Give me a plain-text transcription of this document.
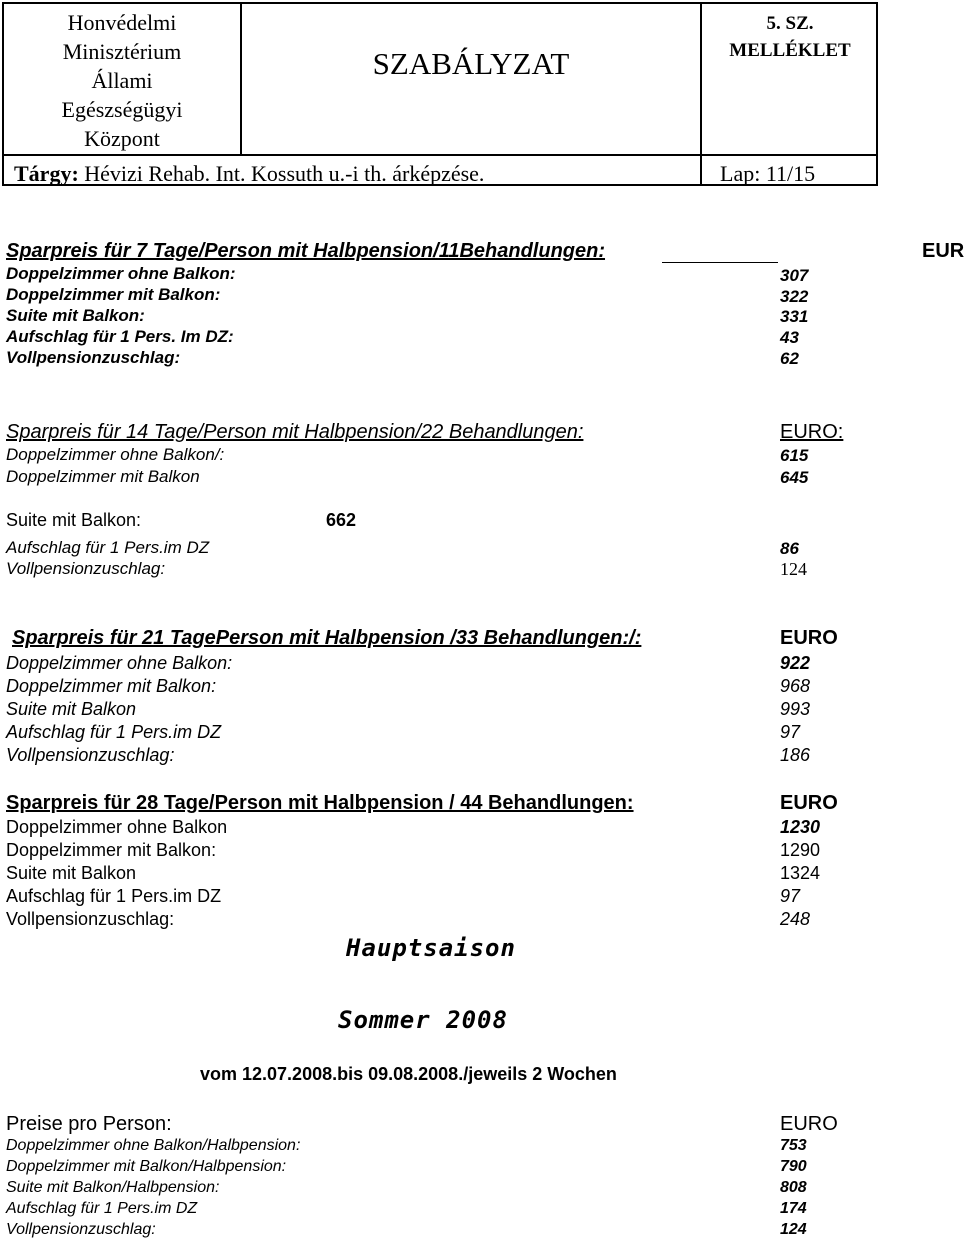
Honvédelmi
Minisztérium
Állami
Egészségügyi
Központ
SZABÁLYZAT
5. SZ.
MELLÉKLET
Tárgy: Hévizi Rehab. Int. Kossuth u.-i th. árképzése.	Lap: 11/15
Sparpreis für 7 Tage/Person mit Halbpension/11Behandlungen:	EUR
Doppelzimmer ohne Balkon:	307
Doppelzimmer mit Balkon:	322
Suite mit Balkon:	331
Aufschlag für 1 Pers. Im DZ:	43
Vollpensionzuschlag:	62
Sparpreis für 14 Tage/Person mit Halbpension/22 Behandlungen:	EURO:
Doppelzimmer ohne Balkon/:	615
Doppelzimmer mit Balkon	645
Suite mit Balkon:	662
Aufschlag für 1 Pers.im DZ	86
Vollpensionzuschlag:	124
Sparpreis für 21 TagePerson mit Halbpension /33 Behandlungen:/:	EURO
Doppelzimmer ohne Balkon:	922
Doppelzimmer mit Balkon:	968
Suite mit Balkon	993
Aufschlag für 1 Pers.im DZ	97
Vollpensionzuschlag:	186
Sparpreis für 28 Tage/Person mit Halbpension / 44 Behandlungen:	EURO
Doppelzimmer ohne Balkon	1230
Doppelzimmer mit Balkon:	1290
Suite mit Balkon	1324
Aufschlag für 1 Pers.im DZ	97
Vollpensionzuschlag:	248
Hauptsaison
Sommer 2008
vom 12.07.2008.bis 09.08.2008./jeweils 2 Wochen
Preise pro Person:	EURO
Doppelzimmer ohne Balkon/Halbpension:	753
Doppelzimmer mit Balkon/Halbpension:	790
Suite mit Balkon/Halbpension:	808
Aufschlag für 1 Pers.im DZ	174
Vollpensionzuschlag:	124
